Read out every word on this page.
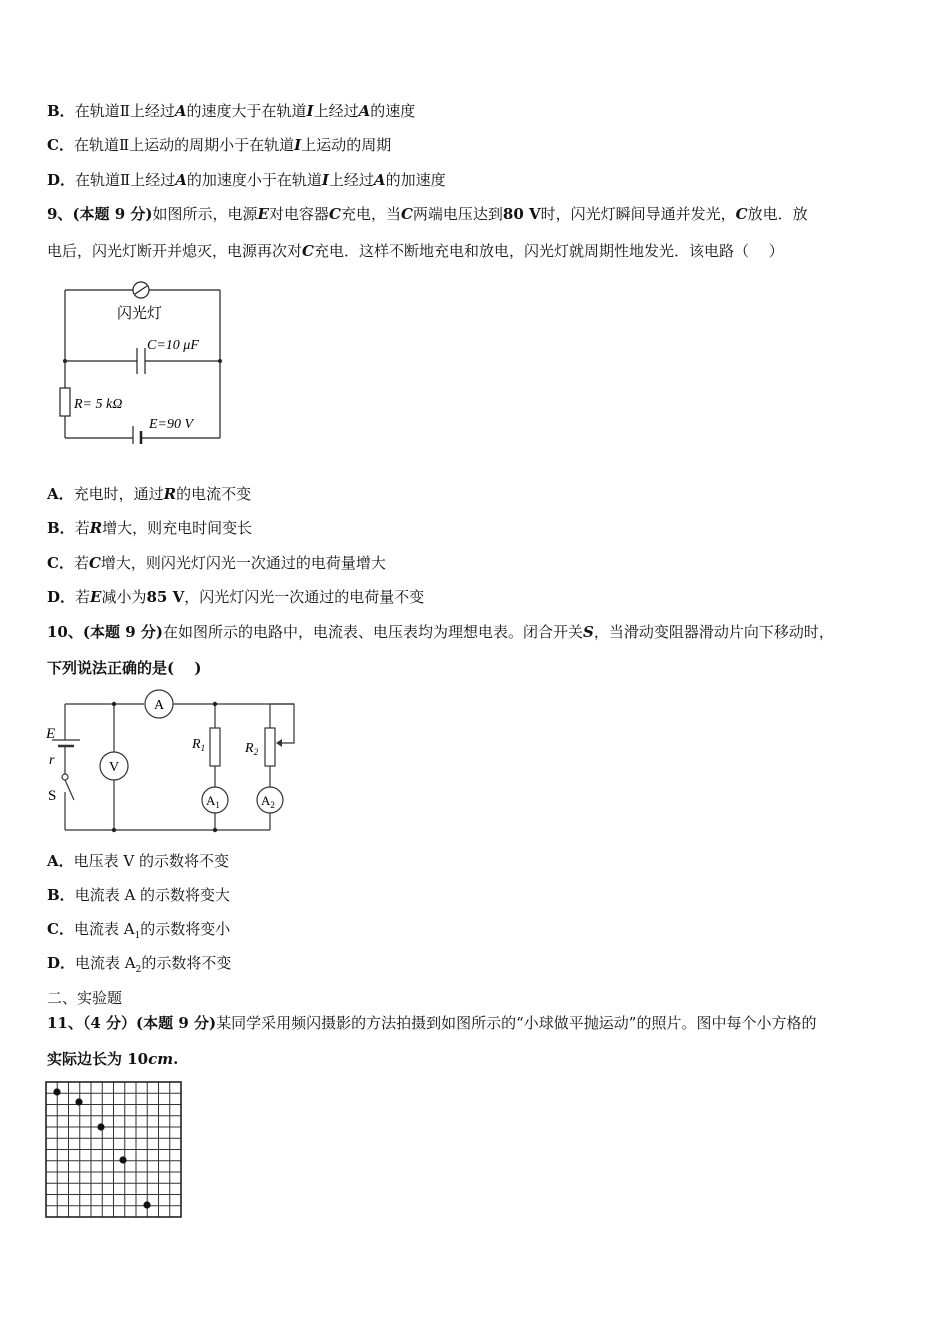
B．在轨道Ⅱ上经过A的速度大于在轨道I上经过A的速度
C．在轨道Ⅱ上运动的周期小于在轨道I上运动的周期
D．在轨道Ⅱ上经过A的加速度小于在轨道I上经过A的加速度
9、(本题 9 分)如图所示，电源E对电容器C充电，当C两端电压达到80 V时，闪光灯瞬间导通并发光，C放电．放
电后，闪光灯断开并熄灭，电源再次对C充电．这样不断地充电和放电，闪光灯就周期性地发光．该电路（　 ）
闪光灯
C=10 μF
R= 5 kΩ
E=90 V
A．充电时，通过R的电流不变
B．若R增大，则充电时间变长
C．若C增大，则闪光灯闪光一次通过的电荷量增大
D．若E减小为85 V，闪光灯闪光一次通过的电荷量不变
10、(本题 9 分)在如图所示的电路中，电流表、电压表均为理想电表。闭合开关S，当滑动变阻器滑动片向下移动时，
下列说法正确的是(　 )
E
r
S
A
V
$A_1$	$A_2$
$R_1$	$R_2$
A．电压表 V 的示数将不变
B．电流表 A 的示数将变大
C．电流表 $A_1$的示数将变小
D．电流表 $A_2$的示数将不变
二、实验题
11、（4 分）(本题 9 分)某同学采用频闪摄影的方法拍摄到如图所示的“小球做平抛运动”的照片。图中每个小方格的
实际边长为 10cm.
